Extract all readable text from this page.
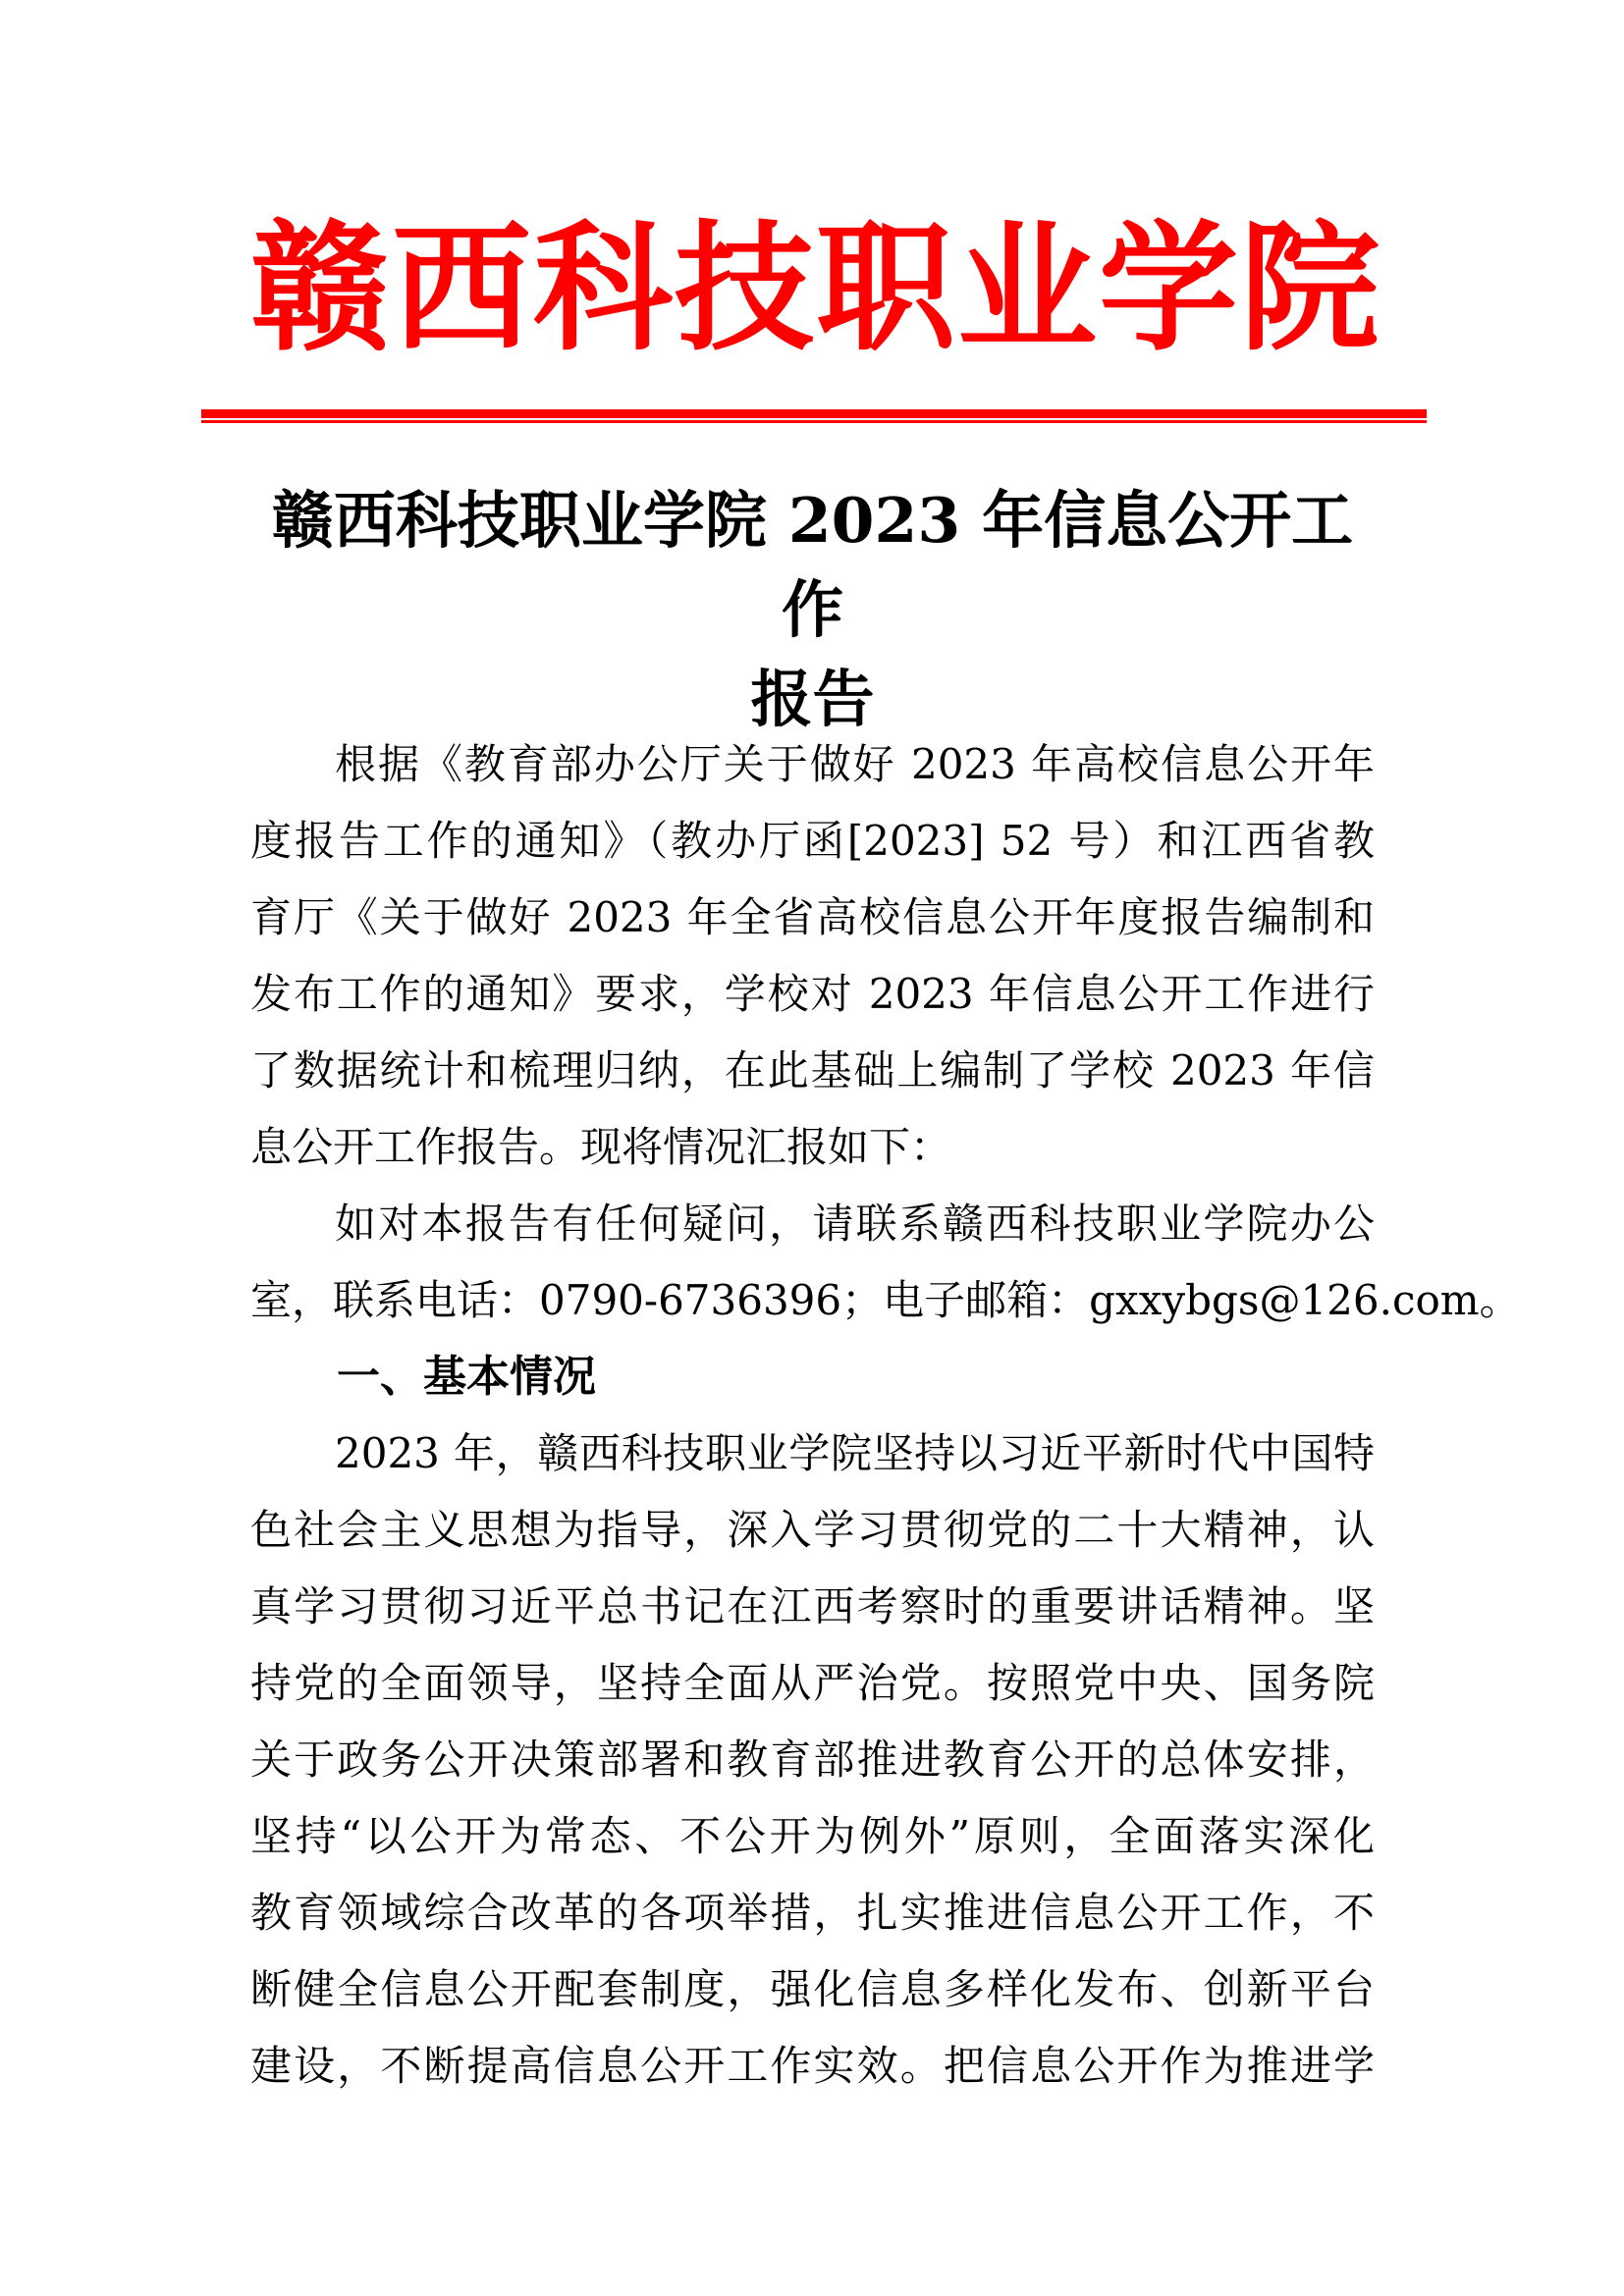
赣西科技职业学院
赣西科技职业学院 2023 年信息公开工作
报告
根据《教育部办公厅关于做好 2023 年高校信息公开年
度报告工作的通知》（教办厅函[2023] 52 号）和江西省教
育厅《关于做好 2023 年全省高校信息公开年度报告编制和
发布工作的通知》要求，学校对 2023 年信息公开工作进行
了数据统计和梳理归纳，在此基础上编制了学校 2023 年信
息公开工作报告。现将情况汇报如下：
如对本报告有任何疑问，请联系赣西科技职业学院办公
室，联系电话：0790-6736396；电子邮箱：gxxybgs@126.com。
一、基本情况
2023 年，赣西科技职业学院坚持以习近平新时代中国特
色社会主义思想为指导，深入学习贯彻党的二十大精神，认
真学习贯彻习近平总书记在江西考察时的重要讲话精神。坚
持党的全面领导，坚持全面从严治党。按照党中央、国务院
关于政务公开决策部署和教育部推进教育公开的总体安排，
坚持“以公开为常态、不公开为例外”原则，全面落实深化
教育领域综合改革的各项举措，扎实推进信息公开工作，不
断健全信息公开配套制度，强化信息多样化发布、创新平台
建设，不断提高信息公开工作实效。把信息公开作为推进学
